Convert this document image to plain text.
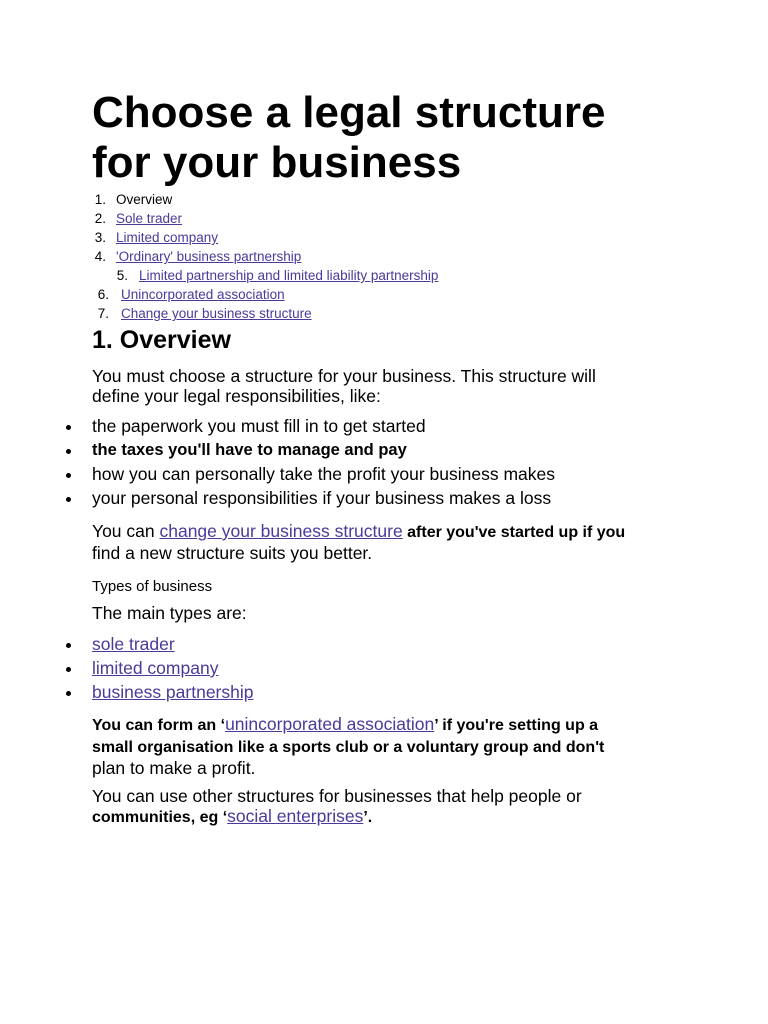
Choose a legal structure
for your business
1. Overview
2. Sole trader
3. Limited company
4. 'Ordinary' business partnership
5. Limited partnership and limited liability partnership
6. Unincorporated association
7. Change your business structure
1. Overview

You must choose a structure for your business. This structure will
define your legal responsibilities, like:

the paperwork you must fill in to get started
the taxes you'll have to manage and pay
how you can personally take the profit your business makes
your personal responsibilities if your business makes a loss

You can change your business structure after you've started up if you
find a new structure suits you better.

Types of business

The main types are:

sole trader
limited company
business partnership

You can form an ‘unincorporated association’ if you're setting up a
small organisation like a sports club or a voluntary group and don't
plan to make a profit.

You can use other structures for businesses that help people or
communities, eg ‘social enterprises’.
